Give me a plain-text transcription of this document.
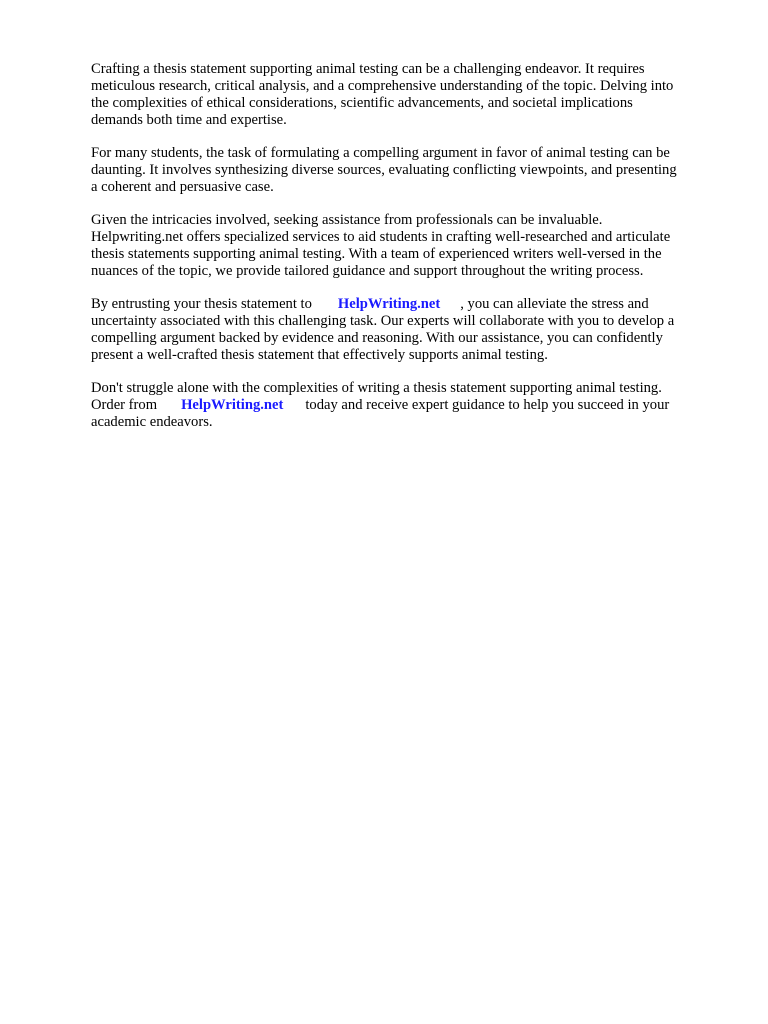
Crafting a thesis statement supporting animal testing can be a challenging endeavor. It requires
meticulous research, critical analysis, and a comprehensive understanding of the topic. Delving into
the complexities of ethical considerations, scientific advancements, and societal implications
demands both time and expertise.

For many students, the task of formulating a compelling argument in favor of animal testing can be
daunting. It involves synthesizing diverse sources, evaluating conflicting viewpoints, and presenting
a coherent and persuasive case.

Given the intricacies involved, seeking assistance from professionals can be invaluable.
Helpwriting.net offers specialized services to aid students in crafting well-researched and articulate
thesis statements supporting animal testing. With a team of experienced writers well-versed in the
nuances of the topic, we provide tailored guidance and support throughout the writing process.

By entrusting your thesis statement to HelpWriting.net , you can alleviate the stress and
uncertainty associated with this challenging task. Our experts will collaborate with you to develop a
compelling argument backed by evidence and reasoning. With our assistance, you can confidently
present a well-crafted thesis statement that effectively supports animal testing.

Don't struggle alone with the complexities of writing a thesis statement supporting animal testing.
Order from HelpWriting.net today and receive expert guidance to help you succeed in your
academic endeavors.
